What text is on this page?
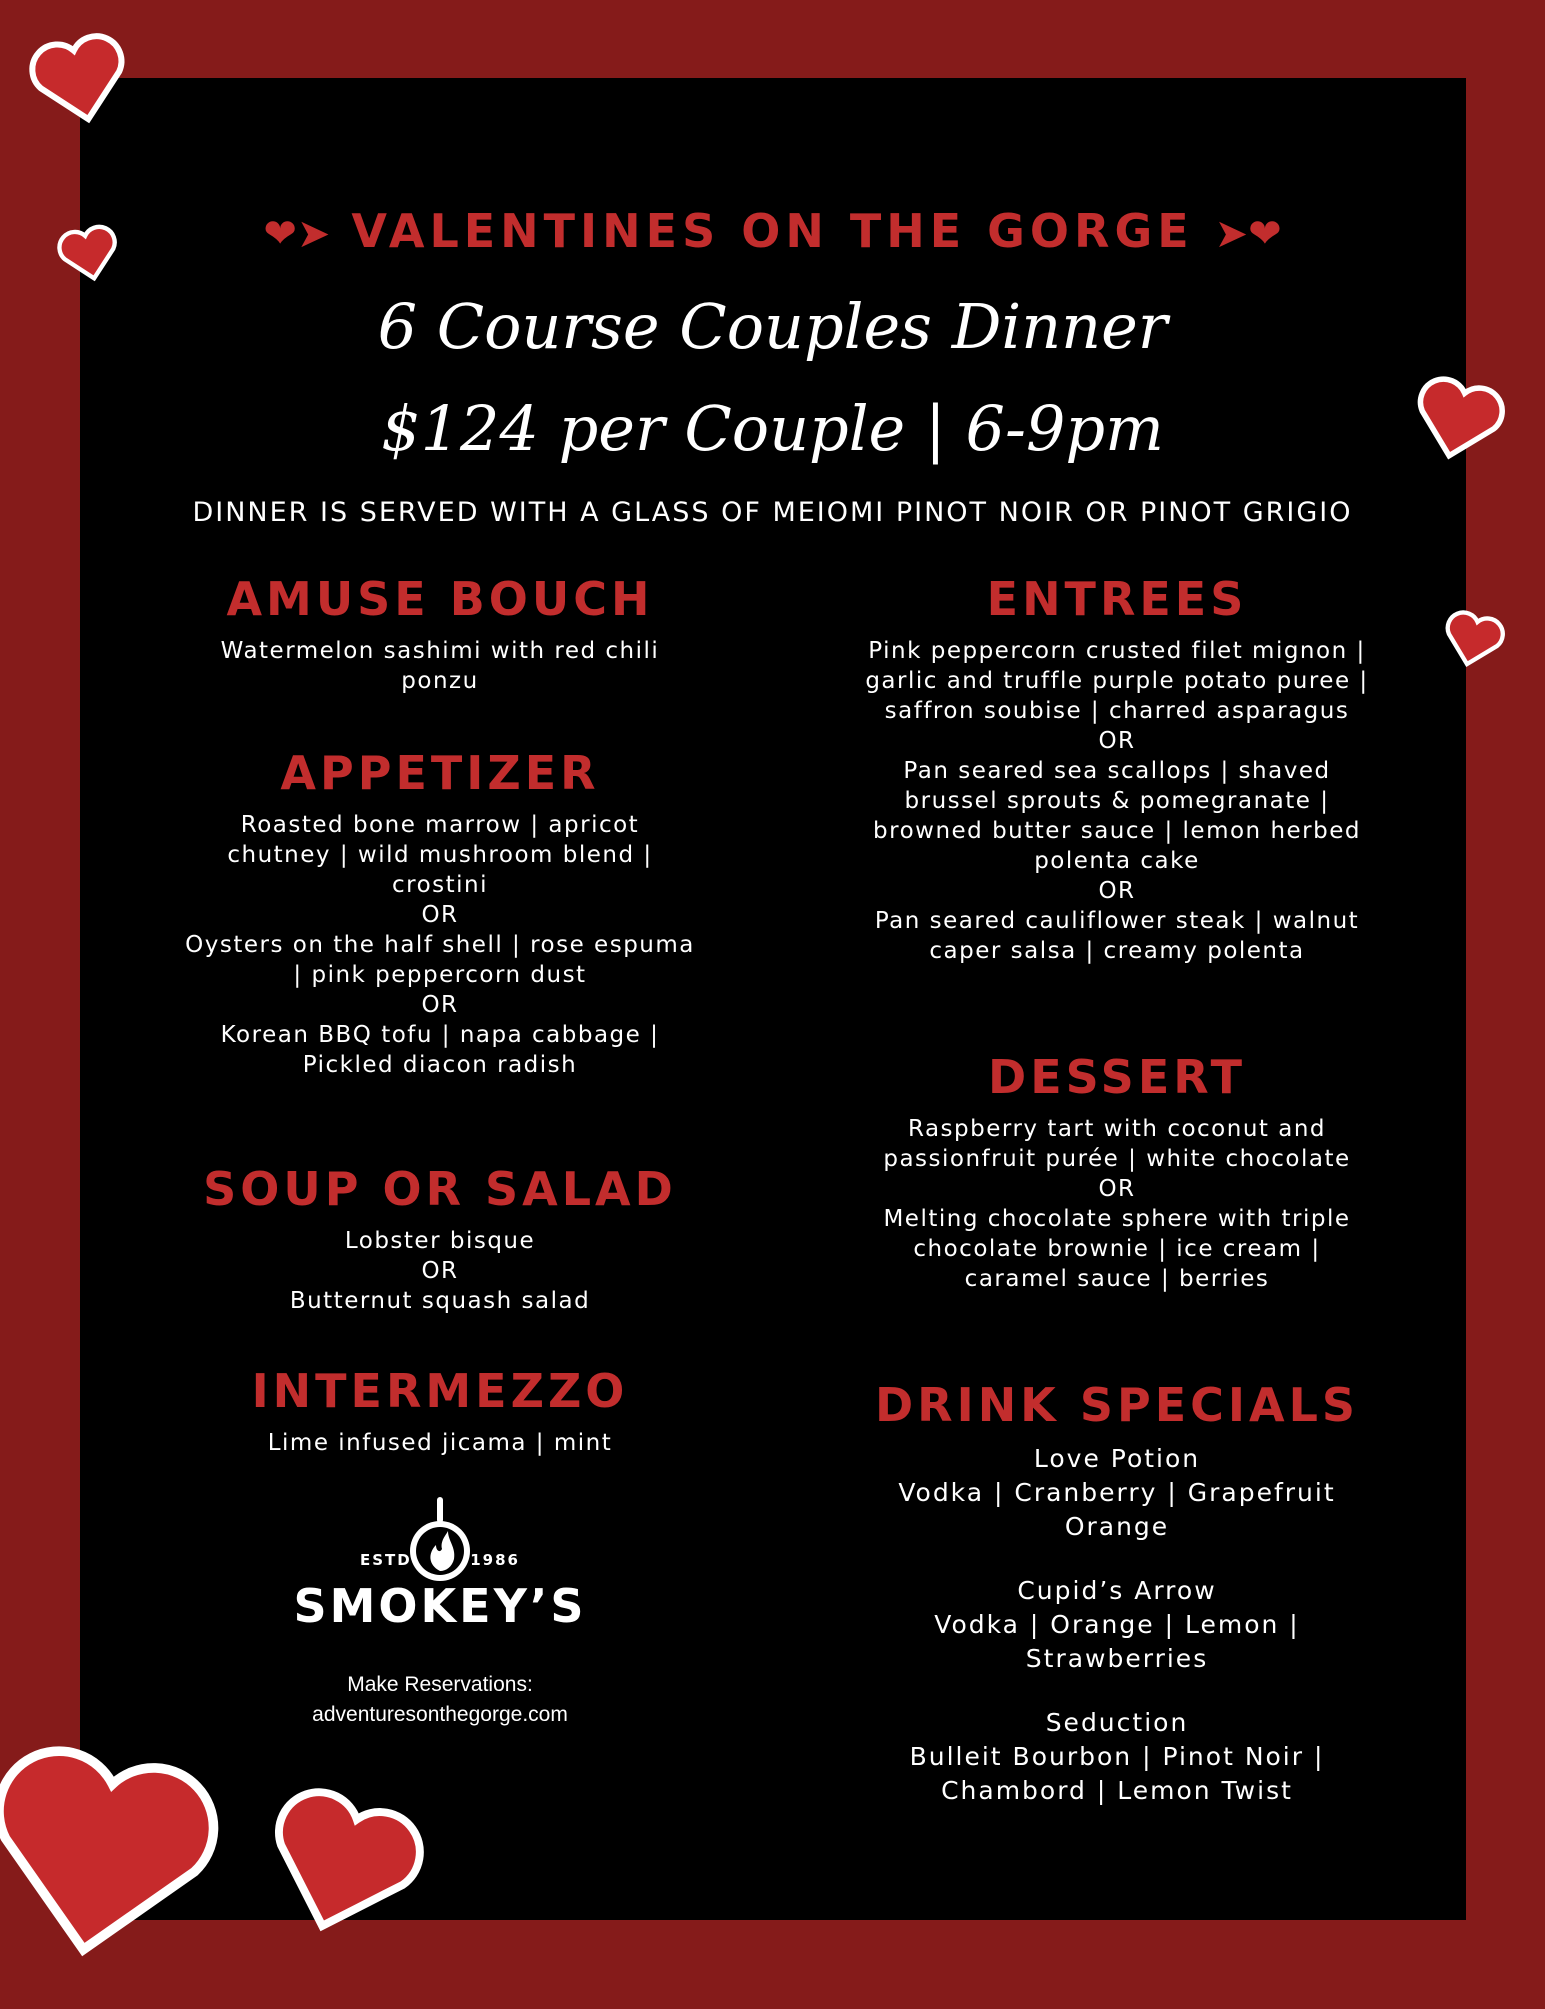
❤➤ VALENTINES ON THE GORGE ➤❤
6 Course Couples Dinner
$124 per Couple | 6-9pm
DINNER IS SERVED WITH A GLASS OF MEIOMI PINOT NOIR OR PINOT GRIGIO
AMUSE BOUCH
Watermelon sashimi with red chili
ponzu
APPETIZER
Roasted bone marrow | apricot
chutney | wild mushroom blend |
crostini
OR
Oysters on the half shell | rose espuma
| pink peppercorn dust
OR
Korean BBQ tofu | napa cabbage |
Pickled diacon radish
SOUP OR SALAD
Lobster bisque
OR
Butternut squash salad
INTERMEZZO
Lime infused jicama | mint
ESTD	1986
SMOKEY’S
Make Reservations:
adventuresonthegorge.com
ENTREES
Pink peppercorn crusted filet mignon |
garlic and truffle purple potato puree |
saffron soubise | charred asparagus
OR
Pan seared sea scallops | shaved
brussel sprouts & pomegranate |
browned butter sauce | lemon herbed
polenta cake
OR
Pan seared cauliflower steak | walnut
caper salsa | creamy polenta
DESSERT
Raspberry tart with coconut and
passionfruit purée | white chocolate
OR
Melting chocolate sphere with triple
chocolate brownie | ice cream |
caramel sauce | berries
DRINK SPECIALS
Love Potion
Vodka | Cranberry | Grapefruit
Orange
Cupid’s Arrow
Vodka | Orange | Lemon |
Strawberries
Seduction
Bulleit Bourbon | Pinot Noir |
Chambord | Lemon Twist
